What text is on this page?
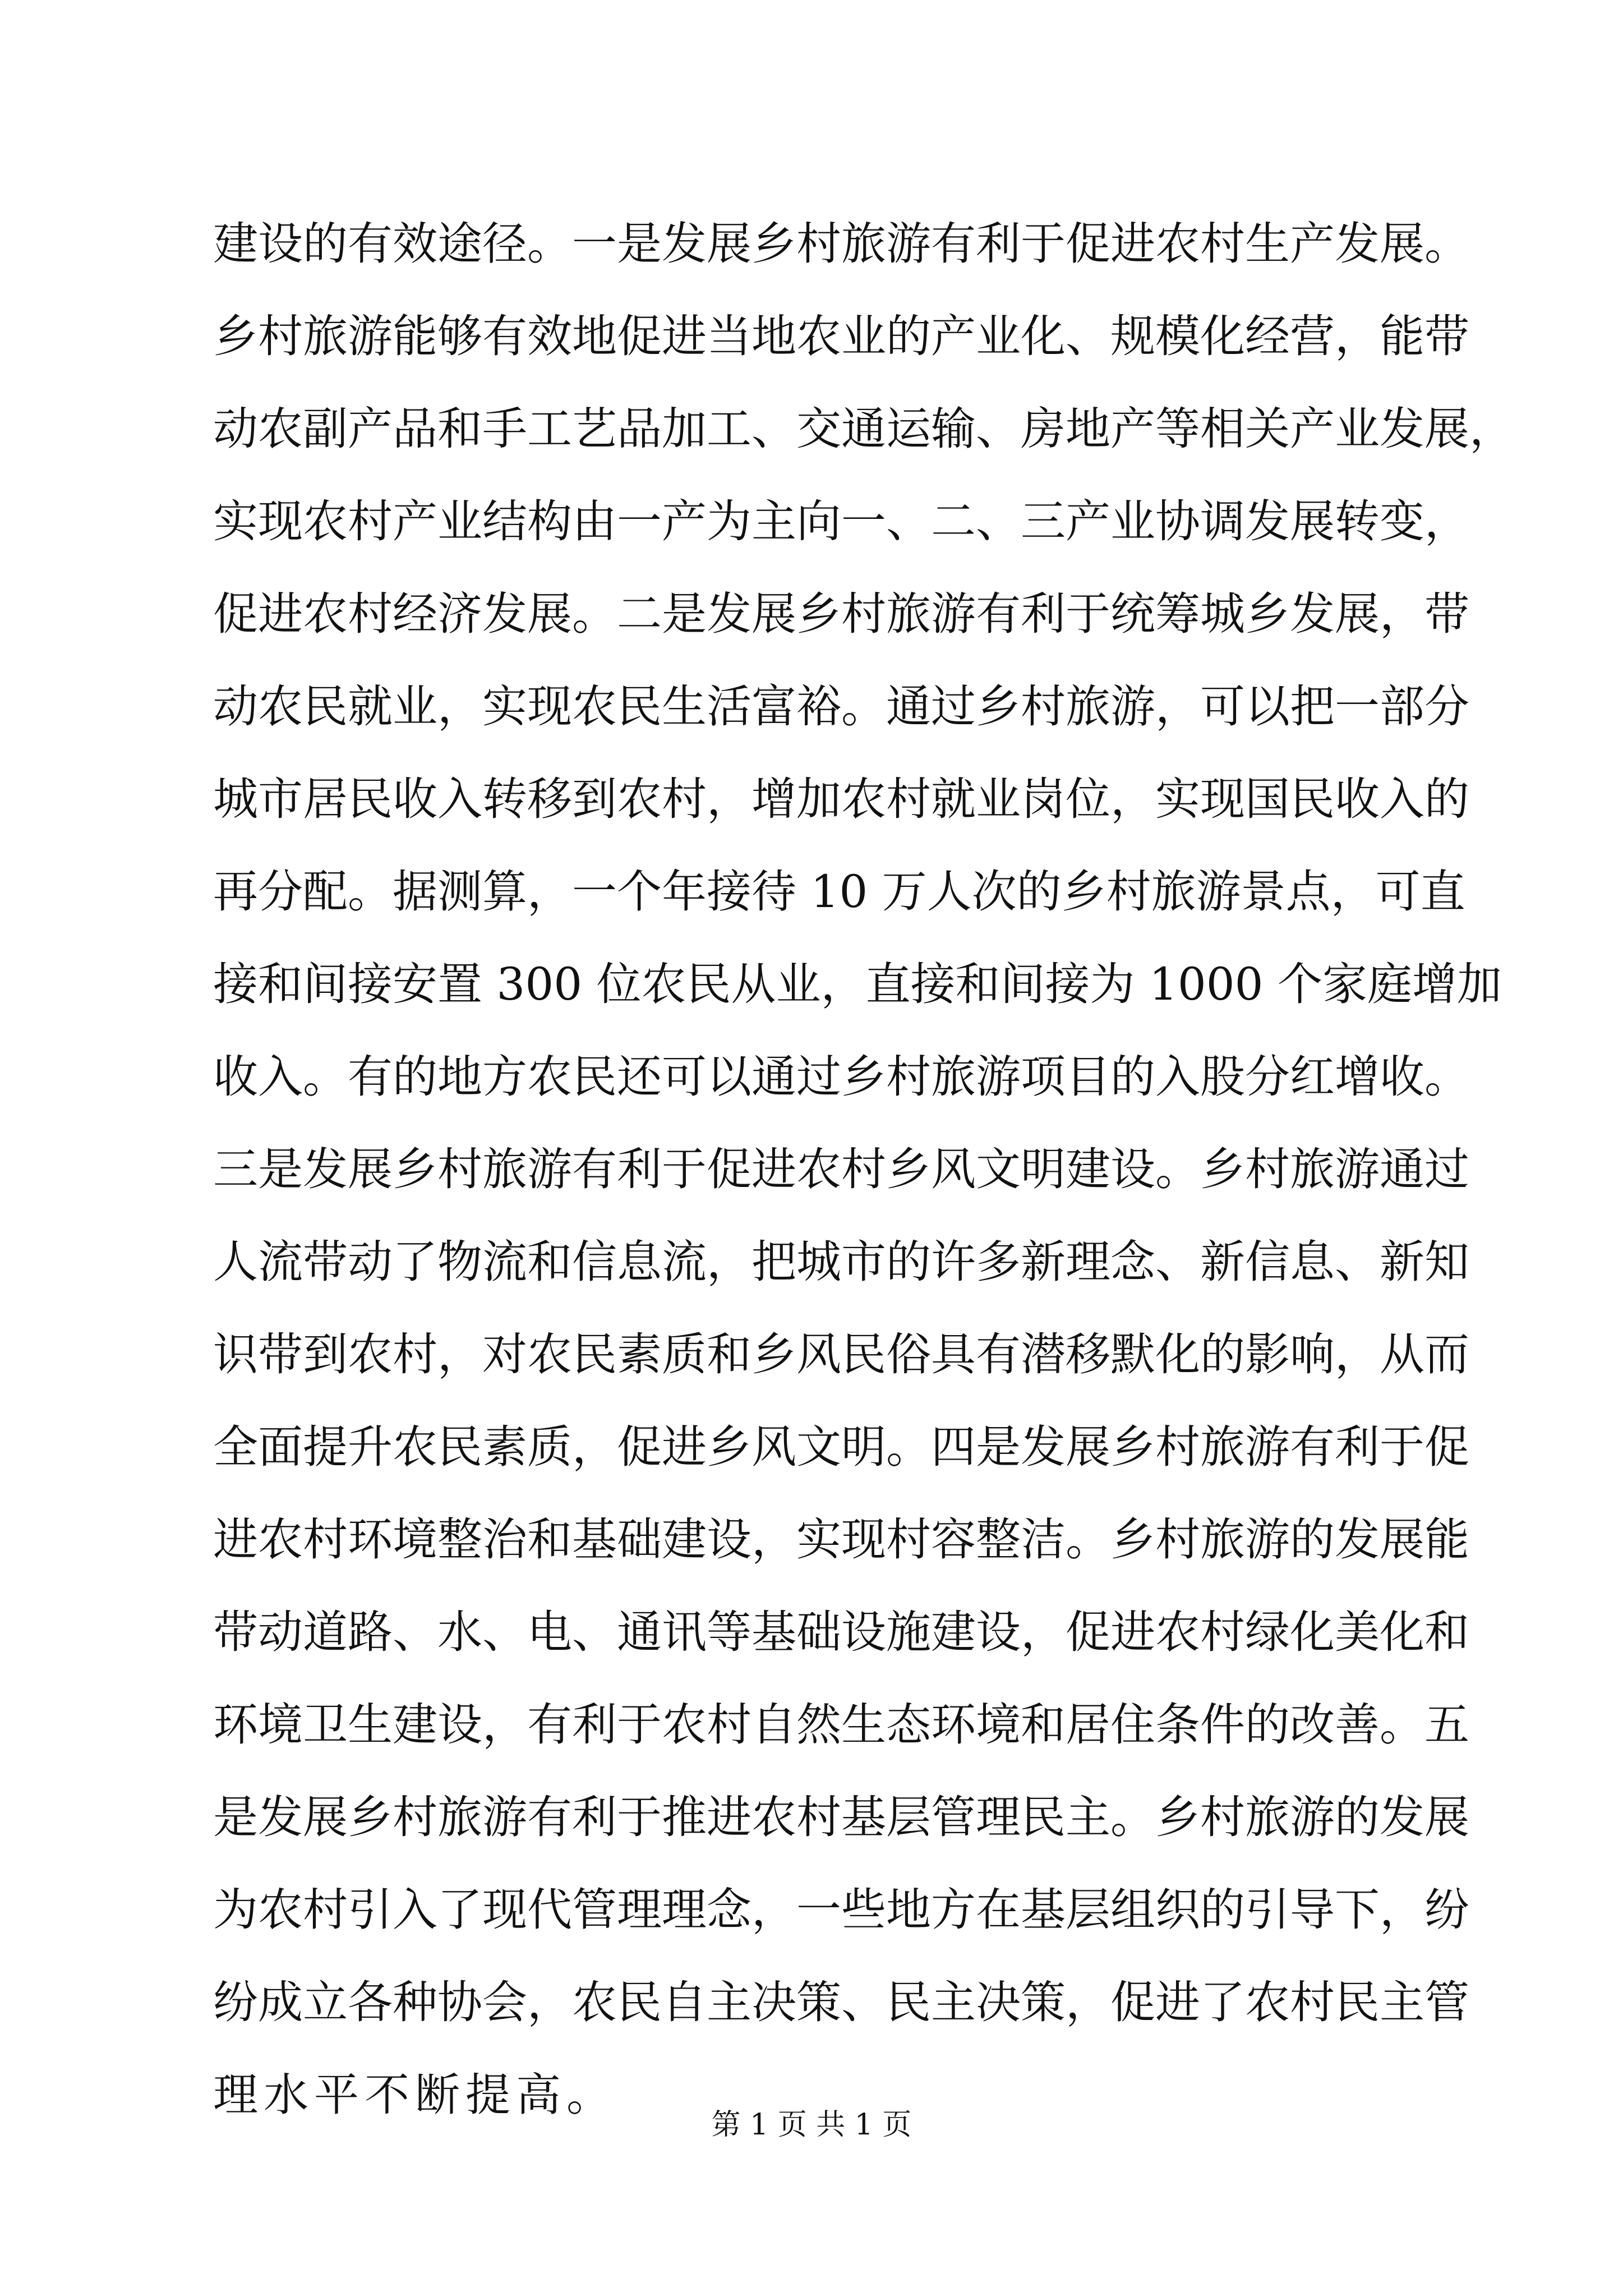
建设的有效途径。一是发展乡村旅游有利于促进农村生产发展。
乡村旅游能够有效地促进当地农业的产业化、规模化经营，能带
动农副产品和手工艺品加工、交通运输、房地产等相关产业发展，
实现农村产业结构由一产为主向一、二、三产业协调发展转变，
促进农村经济发展。二是发展乡村旅游有利于统筹城乡发展，带
动农民就业，实现农民生活富裕。通过乡村旅游，可以把一部分
城市居民收入转移到农村，增加农村就业岗位，实现国民收入的
再分配。据测算，一个年接待 10 万人次的乡村旅游景点，可直
接和间接安置 300 位农民从业，直接和间接为 1000 个家庭增加
收入。有的地方农民还可以通过乡村旅游项目的入股分红增收。
三是发展乡村旅游有利于促进农村乡风文明建设。乡村旅游通过
人流带动了物流和信息流，把城市的许多新理念、新信息、新知
识带到农村，对农民素质和乡风民俗具有潜移默化的影响，从而
全面提升农民素质，促进乡风文明。四是发展乡村旅游有利于促
进农村环境整治和基础建设，实现村容整洁。乡村旅游的发展能
带动道路、水、电、通讯等基础设施建设，促进农村绿化美化和
环境卫生建设，有利于农村自然生态环境和居住条件的改善。五
是发展乡村旅游有利于推进农村基层管理民主。乡村旅游的发展
为农村引入了现代管理理念，一些地方在基层组织的引导下，纷
纷成立各种协会，农民自主决策、民主决策，促进了农村民主管
理水平不断提高。
第 1 页 共 1 页
